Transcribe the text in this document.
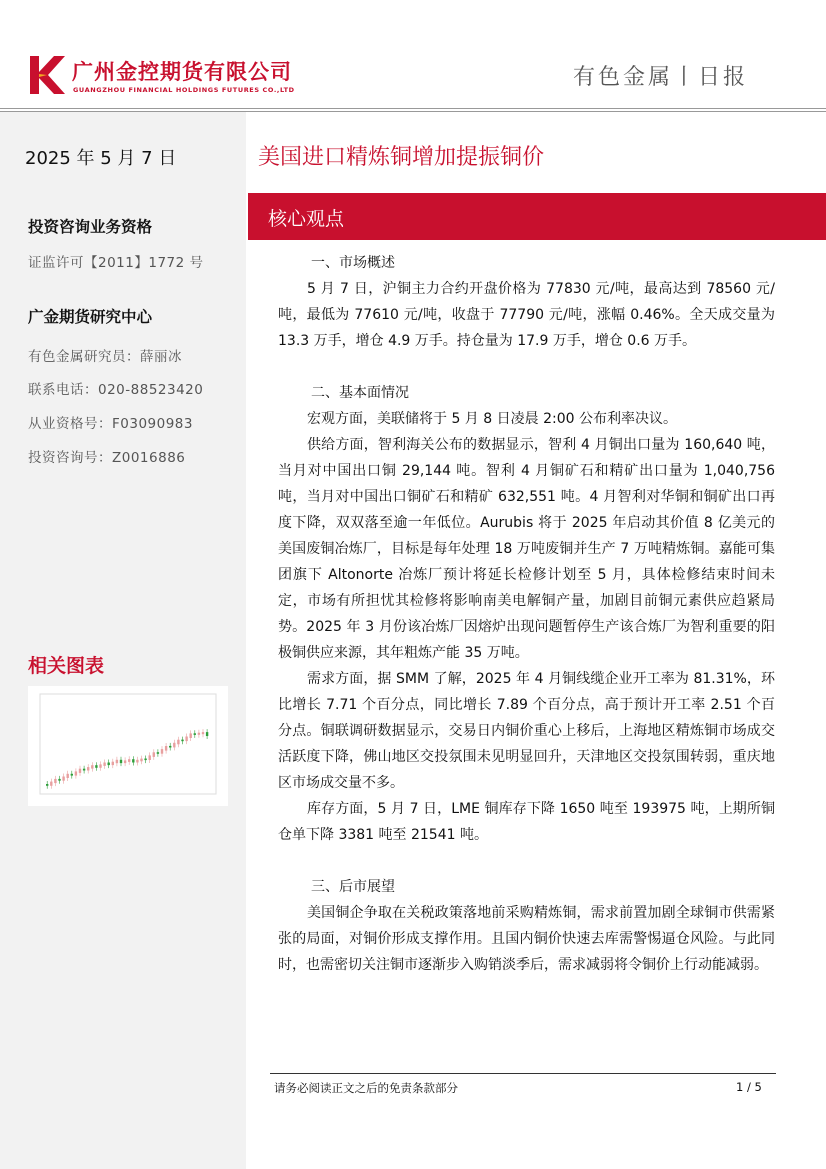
广州金控期货有限公司
GUANGZHOU FINANCIAL HOLDINGS FUTURES CO.,LTD	有色金属丨日报
2025 年 5 月 7 日
投资咨询业务资格
证监许可【2011】1772 号
广金期货研究中心
有色金属研究员：薛丽冰
联系电话：020-88523420
从业资格号：F03090983
投资咨询号：Z0016886
相关图表
美国进口精炼铜增加提振铜价
核心观点
一、市场概述

5 月 7 日，沪铜主力合约开盘价格为 77830 元/吨，最高达到 78560 元/吨，最低为 77610 元/吨，收盘于 77790 元/吨，涨幅 0.46%。全天成交量为 13.3 万手，增仓 4.9 万手。持仓量为 17.9 万手，增仓 0.6 万手。

二、基本面情况

宏观方面，美联储将于 5 月 8 日凌晨 2:00 公布利率决议。

供给方面，智利海关公布的数据显示，智利 4 月铜出口量为 160,640 吨，当月对中国出口铜 29,144 吨。智利 4 月铜矿石和精矿出口量为 1,040,756 吨，当月对中国出口铜矿石和精矿 632,551 吨。4 月智利对华铜和铜矿出口再度下降，双双落至逾一年低位。Aurubis 将于 2025 年启动其价值 8 亿美元的美国废铜冶炼厂，目标是每年处理 18 万吨废铜并生产 7 万吨精炼铜。嘉能可集团旗下 Altonorte 冶炼厂预计将延长检修计划至 5 月，具体检修结束时间未定，市场有所担忧其检修将影响南美电解铜产量，加剧目前铜元素供应趋紧局势。2025 年 3 月份该冶炼厂因熔炉出现问题暂停生产该合炼厂为智利重要的阳极铜供应来源，其年粗炼产能 35 万吨。

需求方面，据 SMM 了解，2025 年 4 月铜线缆企业开工率为 81.31%，环比增长 7.71 个百分点，同比增长 7.89 个百分点，高于预计开工率 2.51 个百分点。铜联调研数据显示，交易日内铜价重心上移后，上海地区精炼铜市场成交活跃度下降，佛山地区交投氛围未见明显回升，天津地区交投氛围转弱，重庆地区市场成交量不多。

库存方面，5 月 7 日，LME 铜库存下降 1650 吨至 193975 吨，上期所铜仓单下降 3381 吨至 21541 吨。

三、后市展望

美国铜企争取在关税政策落地前采购精炼铜，需求前置加剧全球铜市供需紧张的局面，对铜价形成支撑作用。且国内铜价快速去库需警惕逼仓风险。与此同时，也需密切关注铜市逐渐步入购销淡季后，需求减弱将令铜价上行动能减弱。

请务必阅读正文之后的免责条款部分	1 / 5
